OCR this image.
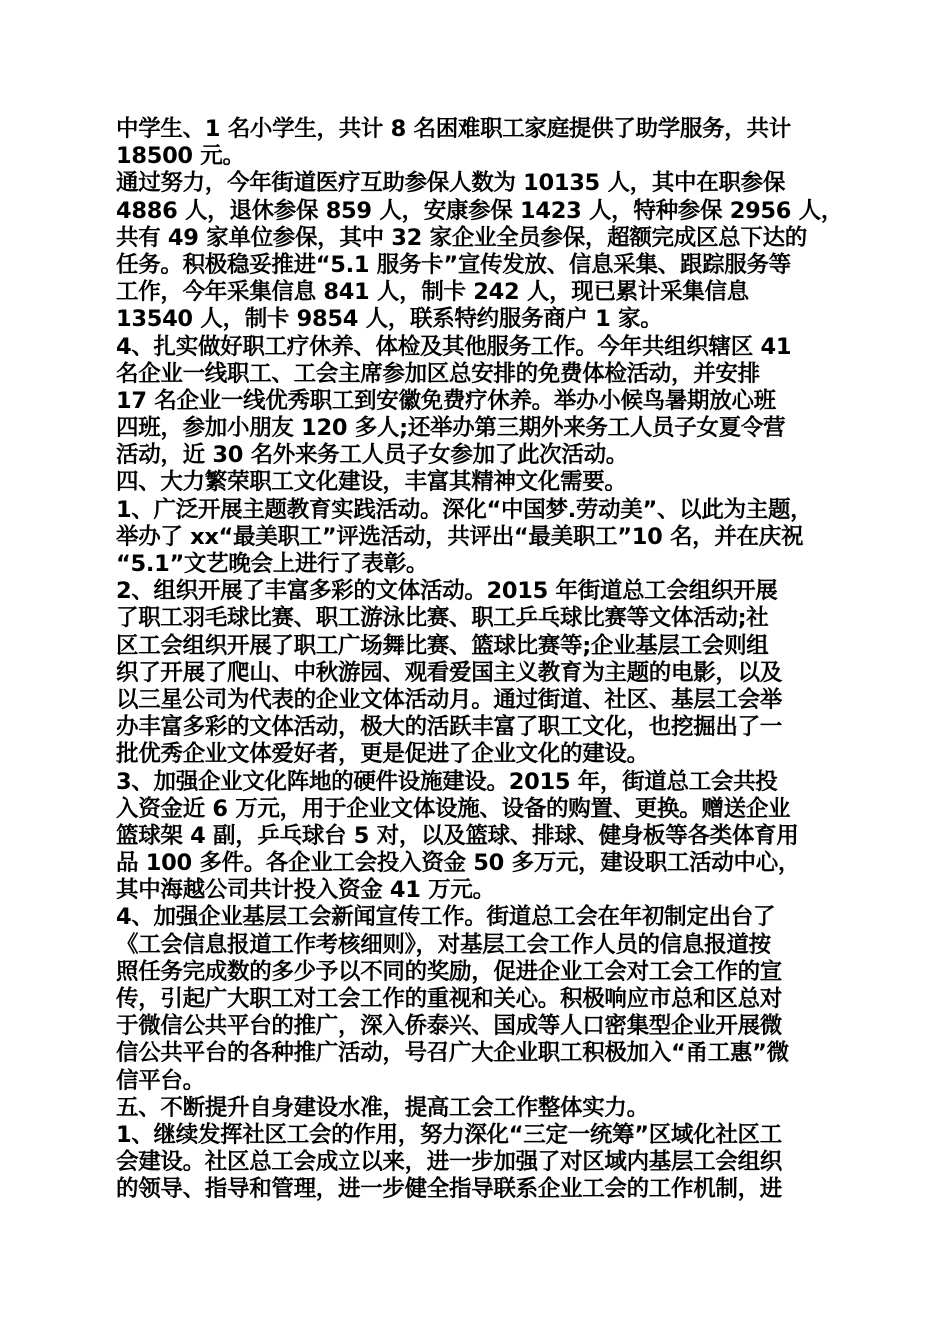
中学生、1 名小学生，共计 8 名困难职工家庭提供了助学服务，共计
18500 元。
通过努力，今年街道医疗互助参保人数为 10135 人，其中在职参保
4886 人，退休参保 859 人，安康参保 1423 人，特种参保 2956 人，
共有 49 家单位参保，其中 32 家企业全员参保，超额完成区总下达的
任务。积极稳妥推进“5.1 服务卡”宣传发放、信息采集、跟踪服务等
工作，今年采集信息 841 人，制卡 242 人，现已累计采集信息
13540 人，制卡 9854 人，联系特约服务商户 1 家。
4、扎实做好职工疗休养、体检及其他服务工作。今年共组织辖区 41
名企业一线职工、工会主席参加区总安排的免费体检活动，并安排
17 名企业一线优秀职工到安徽免费疗休养。举办小候鸟暑期放心班
四班，参加小朋友 120 多人;还举办第三期外来务工人员子女夏令营
活动，近 30 名外来务工人员子女参加了此次活动。
四、大力繁荣职工文化建设，丰富其精神文化需要。
1、广泛开展主题教育实践活动。深化“中国梦.劳动美”、以此为主题，
举办了 xx“最美职工”评选活动，共评出“最美职工”10 名，并在庆祝
“5.1”文艺晚会上进行了表彰。
2、组织开展了丰富多彩的文体活动。2015 年街道总工会组织开展
了职工羽毛球比赛、职工游泳比赛、职工乒乓球比赛等文体活动;社
区工会组织开展了职工广场舞比赛、篮球比赛等;企业基层工会则组
织了开展了爬山、中秋游园、观看爱国主义教育为主题的电影，以及
以三星公司为代表的企业文体活动月。通过街道、社区、基层工会举
办丰富多彩的文体活动，极大的活跃丰富了职工文化，也挖掘出了一
批优秀企业文体爱好者，更是促进了企业文化的建设。
3、加强企业文化阵地的硬件设施建设。2015 年，街道总工会共投
入资金近 6 万元，用于企业文体设施、设备的购置、更换。赠送企业
篮球架 4 副，乒乓球台 5 对，以及篮球、排球、健身板等各类体育用
品 100 多件。各企业工会投入资金 50 多万元，建设职工活动中心，
其中海越公司共计投入资金 41 万元。
4、加强企业基层工会新闻宣传工作。街道总工会在年初制定出台了
《工会信息报道工作考核细则》，对基层工会工作人员的信息报道按
照任务完成数的多少予以不同的奖励，促进企业工会对工会工作的宣
传，引起广大职工对工会工作的重视和关心。积极响应市总和区总对
于微信公共平台的推广，深入侨泰兴、国成等人口密集型企业开展微
信公共平台的各种推广活动，号召广大企业职工积极加入“甬工惠”微
信平台。
五、不断提升自身建设水准，提高工会工作整体实力。
1、继续发挥社区工会的作用，努力深化“三定一统筹”区域化社区工
会建设。社区总工会成立以来，进一步加强了对区域内基层工会组织
的领导、指导和管理，进一步健全指导联系企业工会的工作机制，进
